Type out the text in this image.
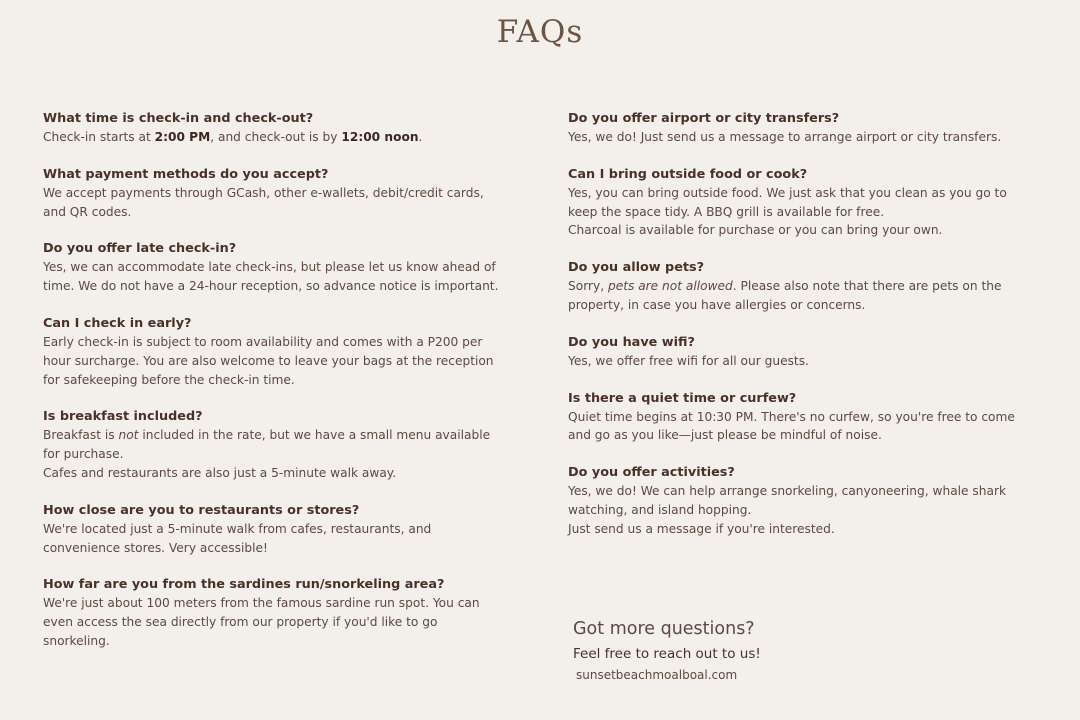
FAQs

What time is check-in and check-out?

Check-in starts at 2:00 PM, and check-out is by 12:00 noon.

What payment methods do you accept?

We accept payments through GCash, other e-wallets, debit/credit cards, and QR codes.

Do you offer late check-in?

Yes, we can accommodate late check-ins, but please let us know ahead of time. We do not have a 24-hour reception, so advance notice is important.

Can I check in early?

Early check-in is subject to room availability and comes with a P200 per hour surcharge. You are also welcome to leave your bags at the reception for safekeeping before the check-in time.

Is breakfast included?

Breakfast is not included in the rate, but we have a small menu available for purchase.
Cafes and restaurants are also just a 5-minute walk away.

How close are you to restaurants or stores?

We're located just a 5-minute walk from cafes, restaurants, and convenience stores. Very accessible!

How far are you from the sardines run/snorkeling area?

We're just about 100 meters from the famous sardine run spot. You can even access the sea directly from our property if you'd like to go snorkeling.

Do you offer airport or city transfers?

Yes, we do! Just send us a message to arrange airport or city transfers.

Can I bring outside food or cook?

Yes, you can bring outside food. We just ask that you clean as you go to keep the space tidy. A BBQ grill is available for free.
Charcoal is available for purchase or you can bring your own.

Do you allow pets?

Sorry, pets are not allowed. Please also note that there are pets on the property, in case you have allergies or concerns.

Do you have wifi?

Yes, we offer free wifi for all our guests.

Is there a quiet time or curfew?

Quiet time begins at 10:30 PM. There's no curfew, so you're free to come and go as you like—just please be mindful of noise.

Do you offer activities?

Yes, we do! We can help arrange snorkeling, canyoneering, whale shark watching, and island hopping.
Just send us a message if you're interested.

Got more questions?
Feel free to reach out to us!
sunsetbeachmoalboal.com
